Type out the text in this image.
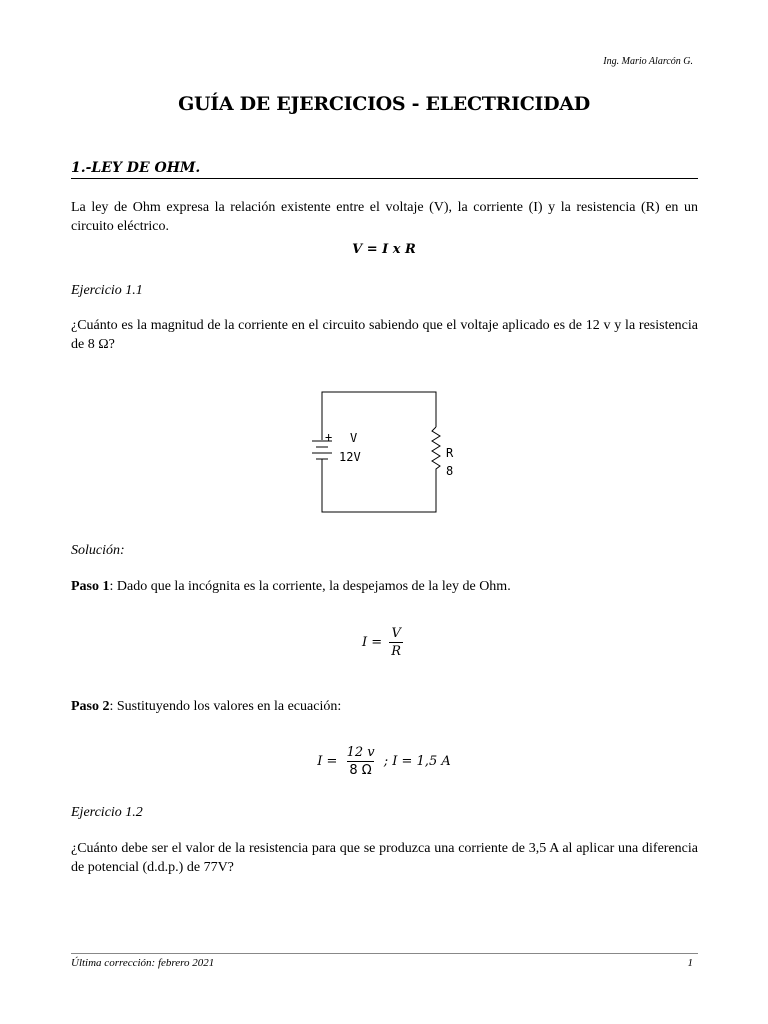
Ing. Mario Alarcón G.
GUÍA DE EJERCICIOS - ELECTRICIDAD
1.-LEY DE OHM.
La ley de Ohm expresa la relación existente entre el voltaje (V), la corriente (I) y la resistencia (R) en un circuito eléctrico.
V = I x R
Ejercicio 1.1
¿Cuánto es la magnitud de la corriente en el circuito sabiendo que el voltaje aplicado es de 12 v y la resistencia de 8 Ω?
+ V
12V	R
8
Solución:
Paso 1: Dado que la incógnita es la corriente, la despejamos de la ley de Ohm.
$I = \frac{V}{R}$
Paso 2: Sustituyendo los valores en la ecuación:
$I = \frac{12 v}{8 \Omega}$ ; I = 1,5 A
Ejercicio 1.2
¿Cuánto debe ser el valor de la resistencia para que se produzca una corriente de 3,5 A al aplicar una diferencia de potencial (d.d.p.) de 77V?
Última corrección: febrero 2021	1
